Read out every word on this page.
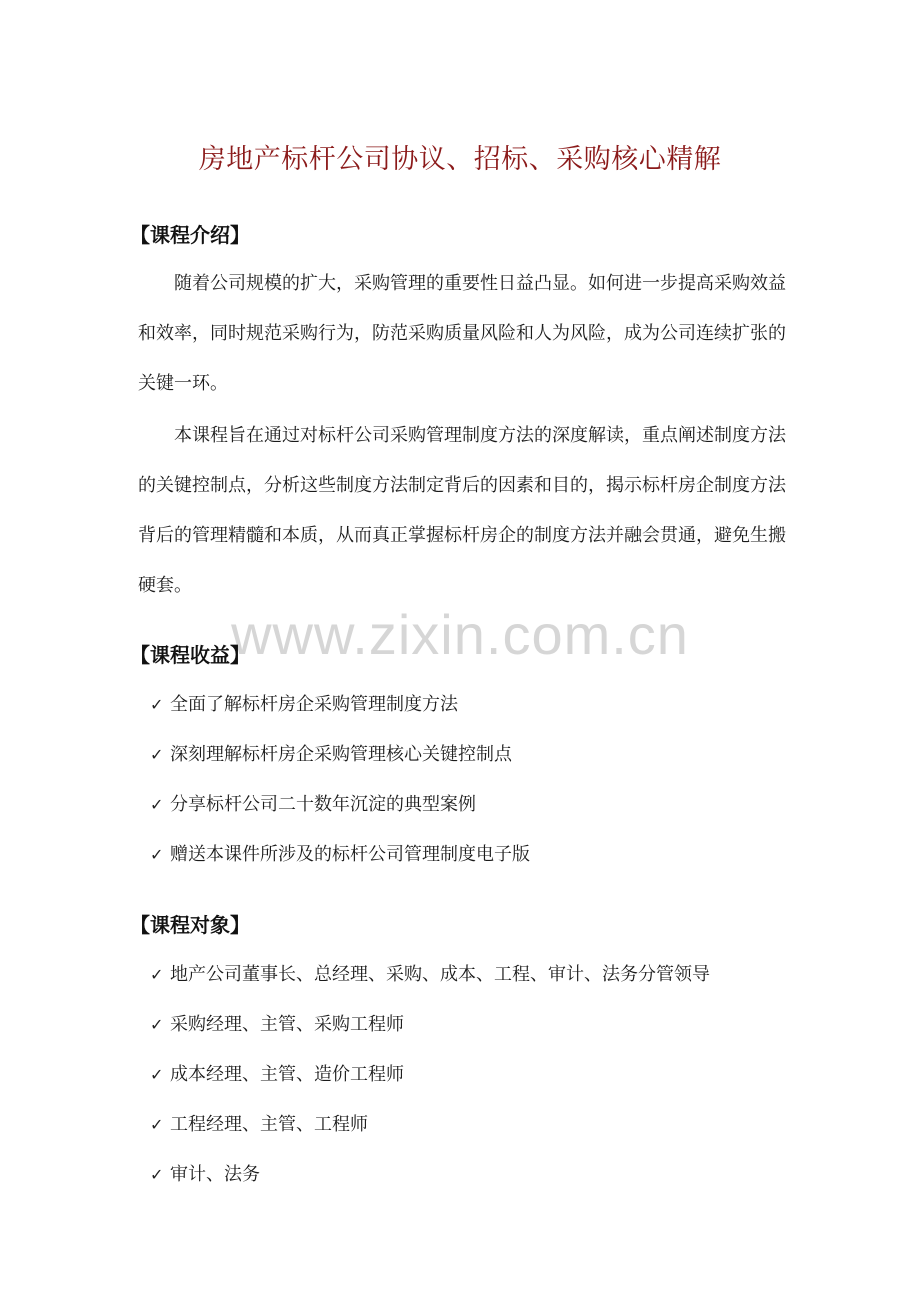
房地产标杆公司协议、招标、采购核心精解
【课程介绍】
随着公司规模的扩大，采购管理的重要性日益凸显。如何进一步提高采购效益和效率，同时规范采购行为，防范采购质量风险和人为风险，成为公司连续扩张的关键一环。
本课程旨在通过对标杆公司采购管理制度方法的深度解读，重点阐述制度方法的关键控制点，分析这些制度方法制定背后的因素和目的，揭示标杆房企制度方法背后的管理精髓和本质，从而真正掌握标杆房企的制度方法并融会贯通，避免生搬硬套。
www.zixin.com.cn
【课程收益】
✓ 全面了解标杆房企采购管理制度方法
✓ 深刻理解标杆房企采购管理核心关键控制点
✓ 分享标杆公司二十数年沉淀的典型案例
✓ 赠送本课件所涉及的标杆公司管理制度电子版
【课程对象】
✓ 地产公司董事长、总经理、采购、成本、工程、审计、法务分管领导
✓ 采购经理、主管、采购工程师
✓ 成本经理、主管、造价工程师
✓ 工程经理、主管、工程师
✓ 审计、法务
